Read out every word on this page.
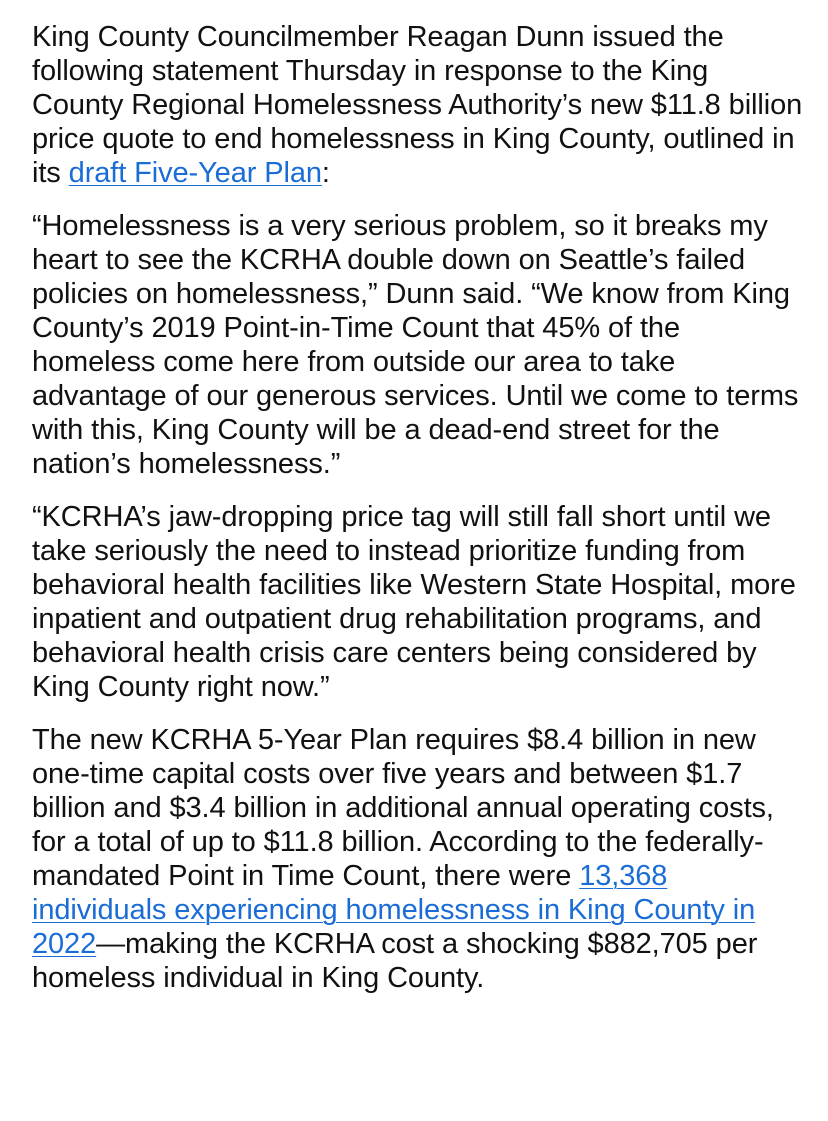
King County Councilmember Reagan Dunn issued the following statement Thursday in response to the King County Regional Homelessness Authority’s new $11.8 billion price quote to end homelessness in King County, outlined in its draft Five-Year Plan:

“Homelessness is a very serious problem, so it breaks my heart to see the KCRHA double down on Seattle’s failed policies on homelessness,” Dunn said. “We know from King County’s 2019 Point-in-Time Count that 45% of the homeless come here from outside our area to take advantage of our generous services. Until we come to terms with this, King County will be a dead-end street for the nation’s homelessness.”

“KCRHA’s jaw-dropping price tag will still fall short until we take seriously the need to instead prioritize funding from behavioral health facilities like Western State Hospital, more inpatient and outpatient drug rehabilitation programs, and behavioral health crisis care centers being considered by King County right now.”

The new KCRHA 5-Year Plan requires $8.4 billion in new one-time capital costs over five years and between $1.7 billion and $3.4 billion in additional annual operating costs, for a total of up to $11.8 billion. According to the federally-mandated Point in Time Count, there were 13,368 individuals experiencing homelessness in King County in 2022—making the KCRHA cost a shocking $882,705 per homeless individual in King County.
